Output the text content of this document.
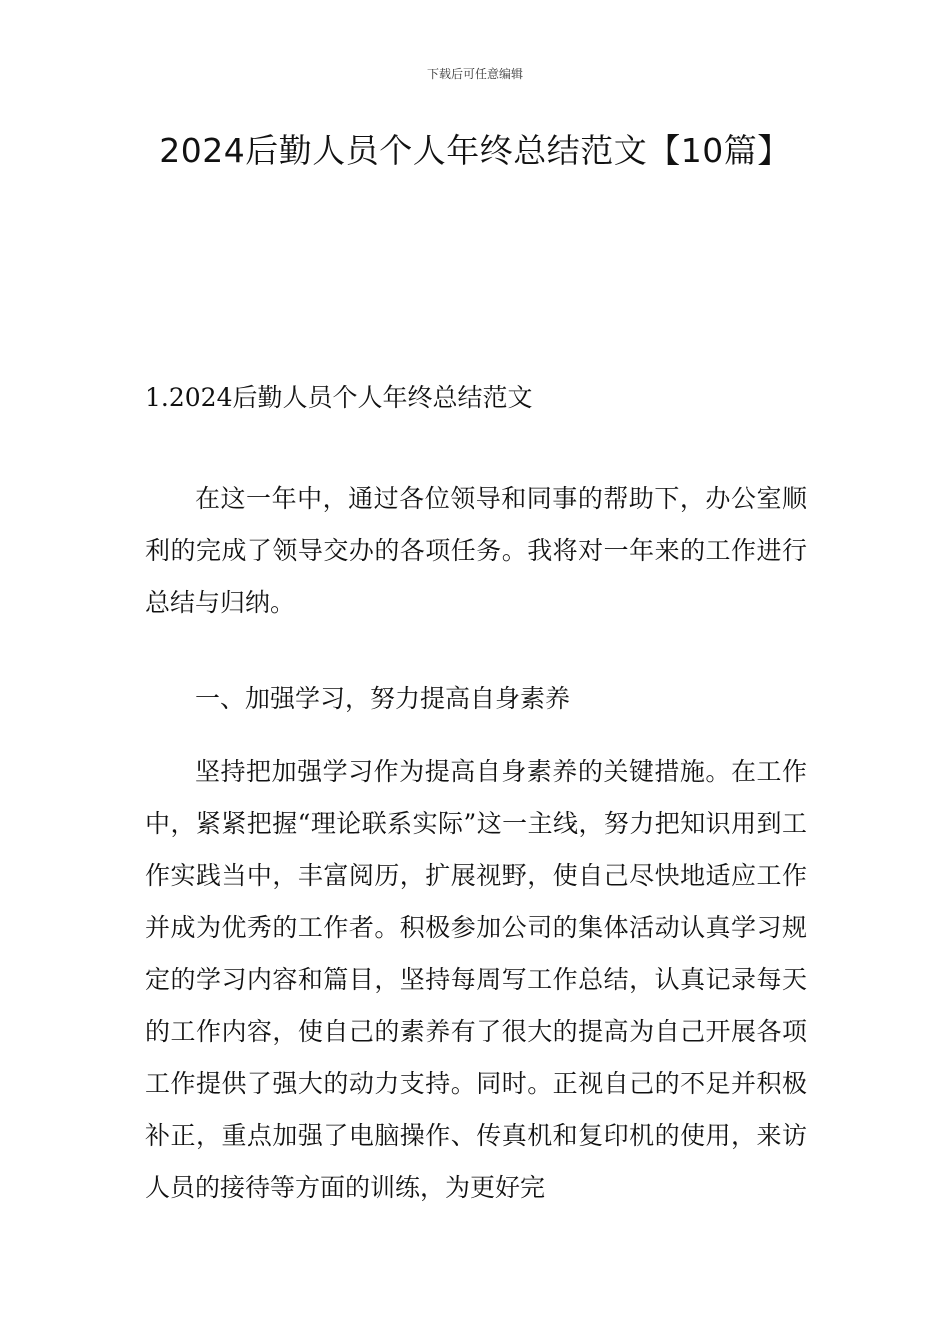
下载后可任意编辑
2024后勤人员个人年终总结范文【10篇】
1.2024后勤人员个人年终总结范文

在这一年中，通过各位领导和同事的帮助下，办公室顺利的完成了领导交办的各项任务。我将对一年来的工作进行总结与归纳。

一、加强学习，努力提高自身素养

坚持把加强学习作为提高自身素养的关键措施。在工作中，紧紧把握“理论联系实际”这一主线，努力把知识用到工作实践当中，丰富阅历，扩展视野，使自己尽快地适应工作并成为优秀的工作者。积极参加公司的集体活动认真学习规定的学习内容和篇目，坚持每周写工作总结，认真记录每天的工作内容，使自己的素养有了很大的提高为自己开展各项工作提供了强大的动力支持。同时。正视自己的不足并积极补正，重点加强了电脑操作、传真机和复印机的使用，来访人员的接待等方面的训练，为更好完
